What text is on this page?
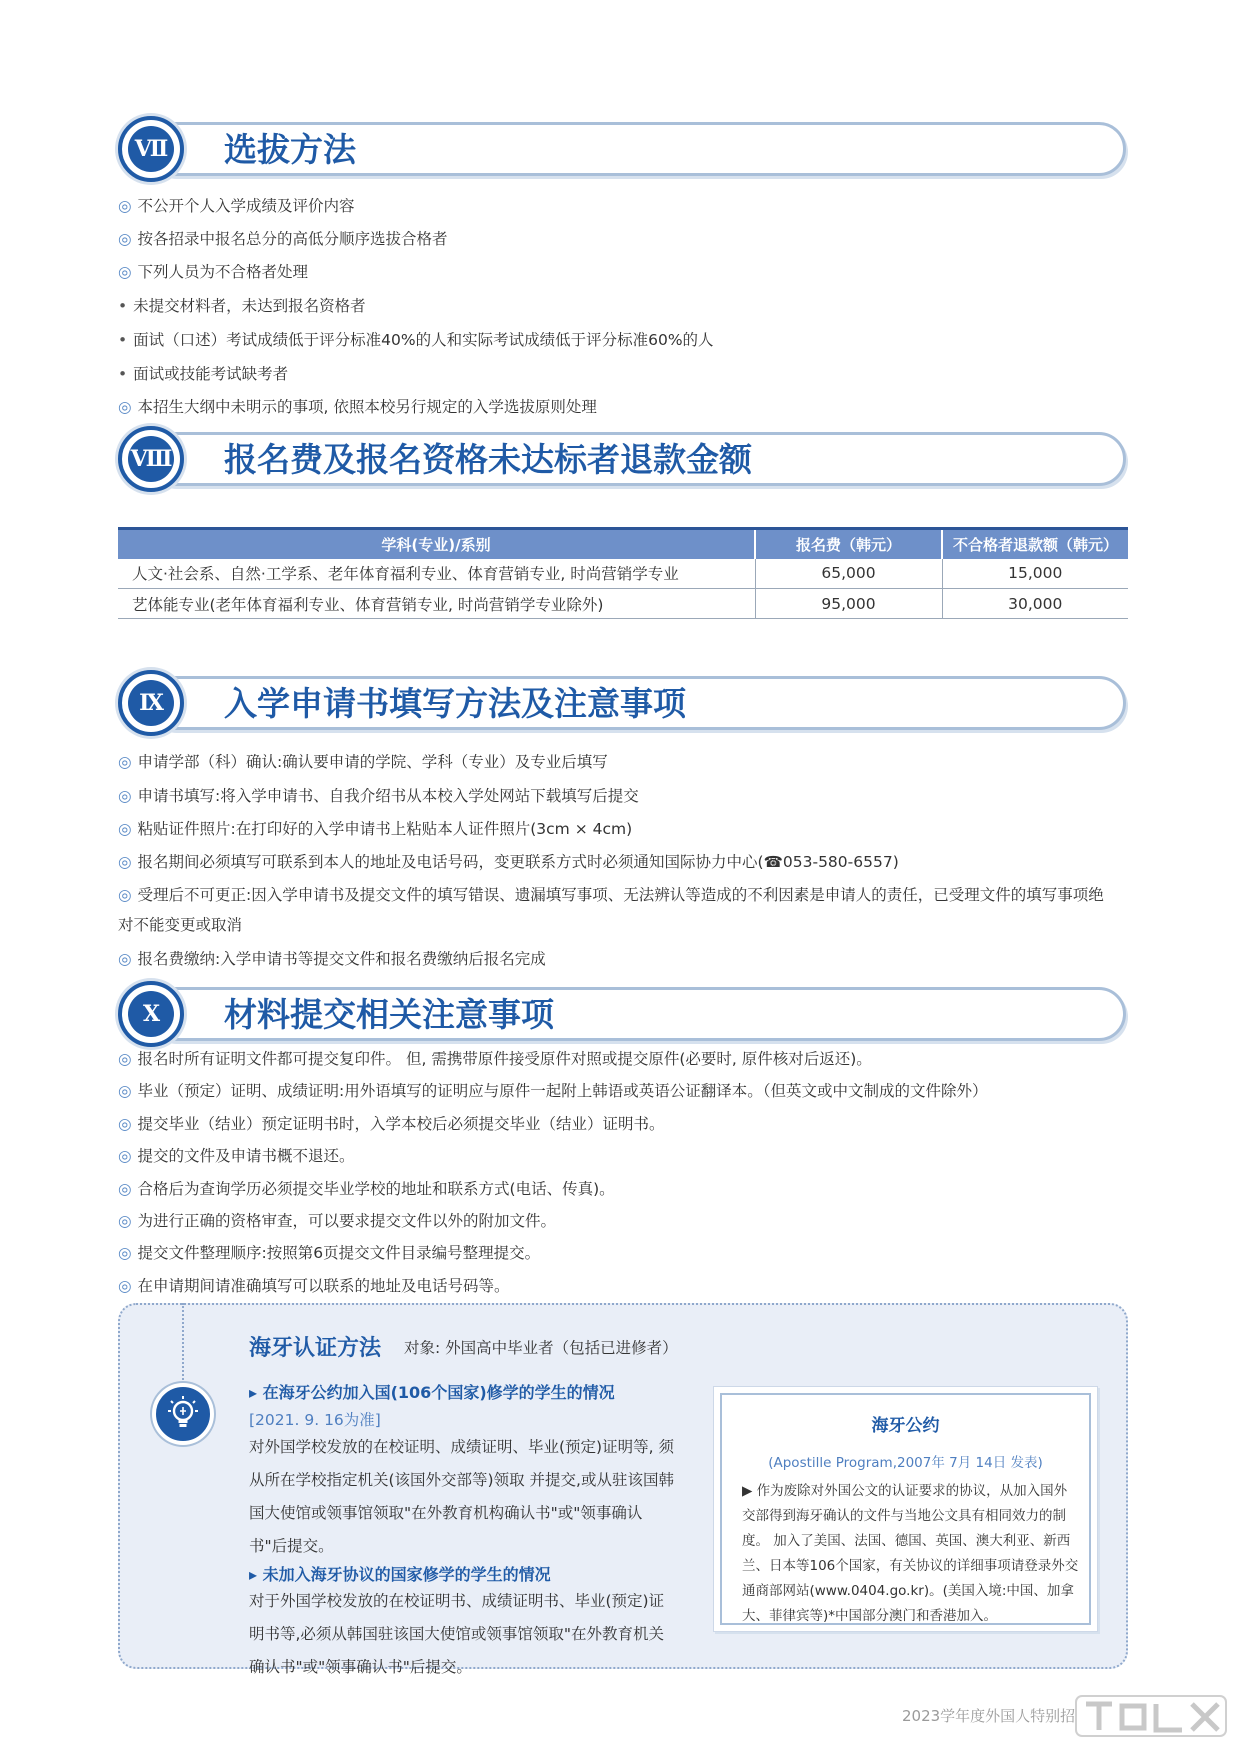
Ⅶ 选拔方法
◎ 不公开个人入学成绩及评价内容
◎ 按各招录中报名总分的高低分顺序选拔合格者
◎ 下列人员为不合格者处理
• 未提交材料者，未达到报名资格者
• 面试（口述）考试成绩低于评分标准40%的人和实际考试成绩低于评分标准60%的人
• 面试或技能考试缺考者
◎ 本招生大纲中未明示的事项, 依照本校另行规定的入学选拔原则处理
Ⅷ 报名费及报名资格未达标者退款金额
学科(专业)/系别	报名费（韩元）	不合格者退款额（韩元）
人文·社会系、自然·工学系、老年体育福利专业、体育营销专业, 时尚营销学专业	65,000	15,000
艺体能专业(老年体育福利专业、体育营销专业, 时尚营销学专业除外)	95,000	30,000
Ⅸ	入学申请书填写方法及注意事项
◎ 申请学部（科）确认:确认要申请的学院、学科（专业）及专业后填写
◎ 申请书填写:将入学申请书、自我介绍书从本校入学处网站下载填写后提交
◎ 粘贴证件照片:在打印好的入学申请书上粘贴本人证件照片(3cm × 4cm)
◎ 报名期间必须填写可联系到本人的地址及电话号码，变更联系方式时必须通知国际协力中心(☎053-580-6557)
◎ 受理后不可更正:因入学申请书及提交文件的填写错误、遗漏填写事项、无法辨认等造成的不利因素是申请人的责任，已受理文件的填写事项绝对不能变更或取消
◎ 报名费缴纳:入学申请书等提交文件和报名费缴纳后报名完成
Ⅹ	材料提交相关注意事项
◎ 报名时所有证明文件都可提交复印件。 但, 需携带原件接受原件对照或提交原件(必要时, 原件核对后返还)。
◎ 毕业（预定）证明、成绩证明:用外语填写的证明应与原件一起附上韩语或英语公证翻译本。（但英文或中文制成的文件除外）
◎ 提交毕业（结业）预定证明书时，入学本校后必须提交毕业（结业）证明书。
◎ 提交的文件及申请书概不退还。
◎ 合格后为查询学历必须提交毕业学校的地址和联系方式(电话、传真)。
◎ 为进行正确的资格审查，可以要求提交文件以外的附加文件。
◎ 提交文件整理顺序:按照第6页提交文件目录编号整理提交。
◎ 在申请期间请准确填写可以联系的地址及电话号码等。
海牙认证方法 对象: 外国高中毕业者（包括已进修者）
▸ 在海牙公约加入国(106个国家)修学的学生的情况
[2021. 9. 16为准]
对外国学校发放的在校证明、成绩证明、毕业(预定)证明等, 须从所在学校指定机关(该国外交部等)领取 并提交,或从驻该国韩国大使馆或领事馆领取"在外教育机构确认书"或"领事确认书"后提交。
▸ 未加入海牙协议的国家修学的学生的情况
对于外国学校发放的在校证明书、成绩证明书、毕业(预定)证明书等,必须从韩国驻该国大使馆或领事馆领取"在外教育机关确认书"或"领事确认书"后提交。
海牙公约
(Apostille Program,2007年 7月 14日 发表)
▶ 作为废除对外国公文的认证要求的协议，从加入国外 交部得到海牙确认的文件与当地公文具有相同效力的制度。 加入了美国、法国、德国、英国、澳大利亚、新西兰、日本等106个国家，有关协议的详细事项请登录外交通商部网站(www.0404.go.kr)。(美国入境:中国、加拿大、菲律宾等)*中国部分澳门和香港加入。
2023学年度外国人特别招
